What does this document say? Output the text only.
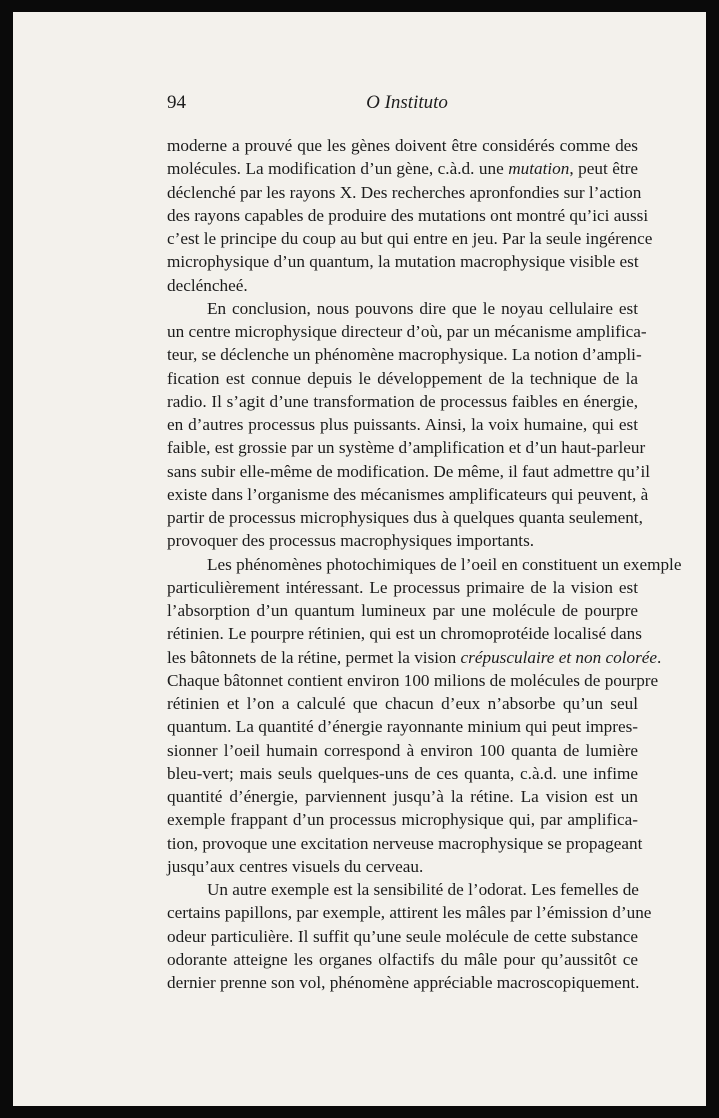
94	O Instituto
moderne a prouvé que les gènes doivent être considérés comme des
molécules. La modification d’un gène, c.à.d. une mutation, peut être
déclenché par les rayons X. Des recherches apronfondies sur l’action
des rayons capables de produire des mutations ont montré qu’ici aussi
c’est le principe du coup au but qui entre en jeu. Par la seule ingérence
microphysique d’un quantum, la mutation macrophysique visible est
decléncheé.
En conclusion, nous pouvons dire que le noyau cellulaire est
un centre microphysique directeur d’où, par un mécanisme amplifica-
teur, se déclenche un phénomène macrophysique. La notion d’ampli-
fication est connue depuis le développement de la technique de la
radio. Il s’agit d’une transformation de processus faibles en énergie,
en d’autres processus plus puissants. Ainsi, la voix humaine, qui est
faible, est grossie par un système d’amplification et d’un haut-parleur
sans subir elle-même de modification. De même, il faut admettre qu’il
existe dans l’organisme des mécanismes amplificateurs qui peuvent, à
partir de processus microphysiques dus à quelques quanta seulement,
provoquer des processus macrophysiques importants.
Les phénomènes photochimiques de l’oeil en constituent un exemple
particulièrement intéressant. Le processus primaire de la vision est
l’absorption d’un quantum lumineux par une molécule de pourpre
rétinien. Le pourpre rétinien, qui est un chromoprotéide localisé dans
les bâtonnets de la rétine, permet la vision crépusculaire et non colorée.
Chaque bâtonnet contient environ 100 milions de molécules de pourpre
rétinien et l’on a calculé que chacun d’eux n’absorbe qu’un seul
quantum. La quantité d’énergie rayonnante minium qui peut impres-
sionner l’oeil humain correspond à environ 100 quanta de lumière
bleu-vert; mais seuls quelques-uns de ces quanta, c.à.d. une infime
quantité d’énergie, parviennent jusqu’à la rétine. La vision est un
exemple frappant d’un processus microphysique qui, par amplifica-
tion, provoque une excitation nerveuse macrophysique se propageant
jusqu’aux centres visuels du cerveau.
Un autre exemple est la sensibilité de l’odorat. Les femelles de
certains papillons, par exemple, attirent les mâles par l’émission d’une
odeur particulière. Il suffit qu’une seule molécule de cette substance
odorante atteigne les organes olfactifs du mâle pour qu’aussitôt ce
dernier prenne son vol, phénomène appréciable macroscopiquement.
